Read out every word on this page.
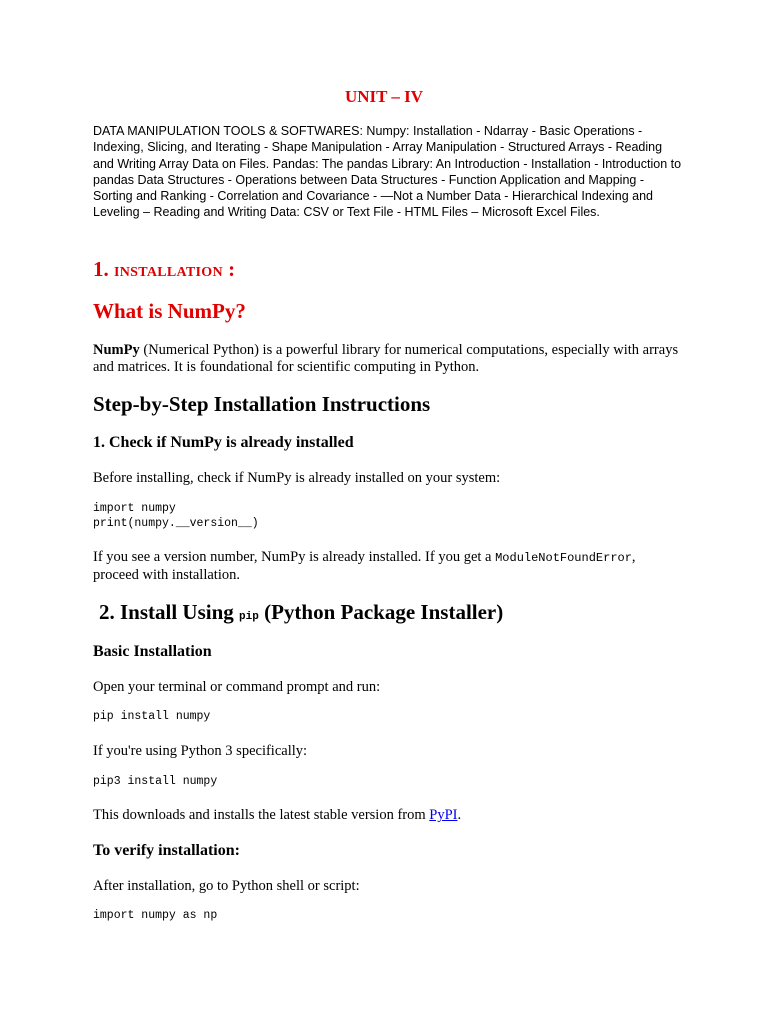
UNIT – IV
DATA MANIPULATION TOOLS & SOFTWARES: Numpy: Installation - Ndarray - Basic Operations - Indexing, Slicing, and Iterating - Shape Manipulation - Array Manipulation - Structured Arrays - Reading and Writing Array Data on Files. Pandas: The pandas Library: An Introduction - Installation - Introduction to pandas Data Structures - Operations between Data Structures - Function Application and Mapping - Sorting and Ranking - Correlation and Covariance - —Not a Number Data - Hierarchical Indexing and Leveling – Reading and Writing Data: CSV or Text File - HTML Files – Microsoft Excel Files.
1. INSTALLATION :
What is NumPy?
NumPy (Numerical Python) is a powerful library for numerical computations, especially with arrays and matrices. It is foundational for scientific computing in Python.
Step-by-Step Installation Instructions
1. Check if NumPy is already installed
Before installing, check if NumPy is already installed on your system:
import numpy
print(numpy.__version__)
If you see a version number, NumPy is already installed. If you get a ModuleNotFoundError, proceed with installation.
2. Install Using pip (Python Package Installer)
Basic Installation
Open your terminal or command prompt and run:
pip install numpy
If you're using Python 3 specifically:
pip3 install numpy
This downloads and installs the latest stable version from PyPI.
To verify installation:
After installation, go to Python shell or script:
import numpy as np
